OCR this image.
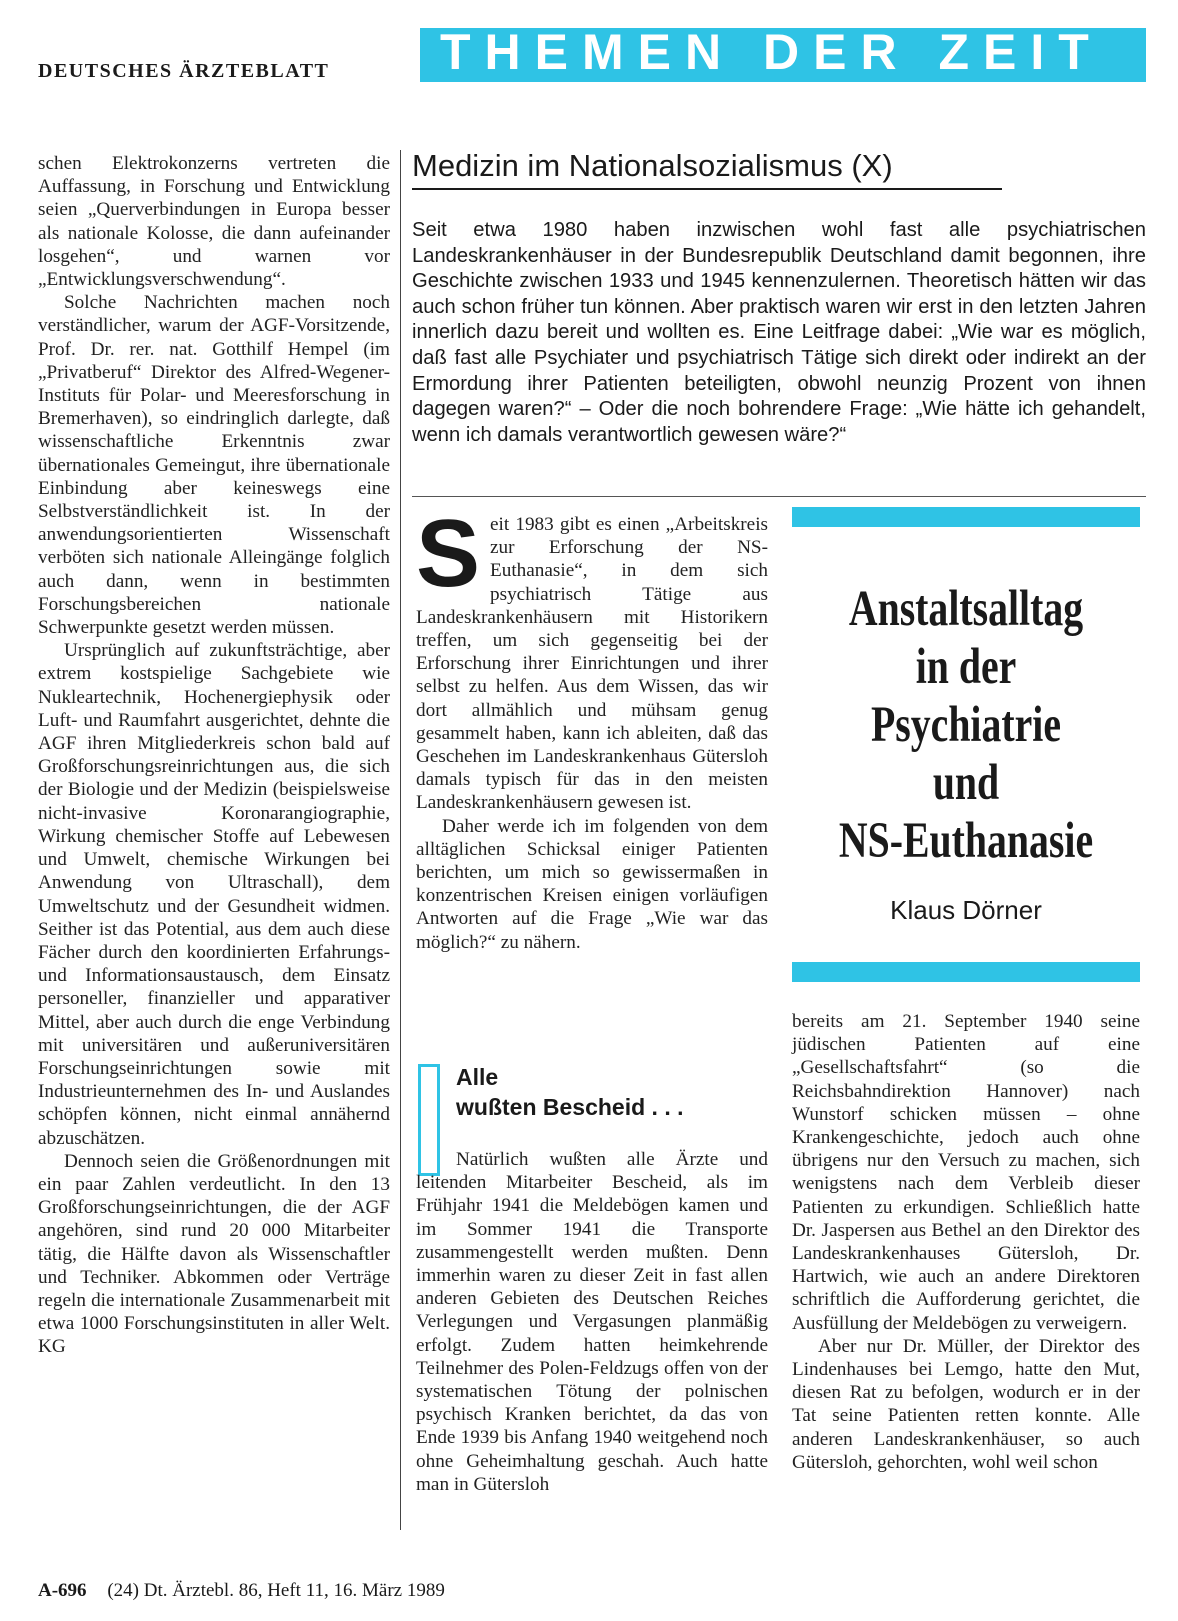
DEUTSCHES ÄRZTEBLATT THEMEN DER ZEIT

schen Elektrokonzerns vertreten die Auffassung, in Forschung und Entwicklung seien „Querverbindungen in Europa besser als nationale Kolosse, die dann aufeinander losgehen“, und warnen vor „Entwicklungsverschwendung“.

Solche Nachrichten machen noch verständlicher, warum der AGF-Vorsitzende, Prof. Dr. rer. nat. Gotthilf Hempel (im „Privatberuf“ Direktor des Alfred-Wegener-Instituts für Polar- und Meeresforschung in Bremerhaven), so eindringlich darlegte, daß wissenschaftliche Erkenntnis zwar übernationales Gemeingut, ihre übernationale Einbindung aber keineswegs eine Selbstverständlichkeit ist. In der anwendungsorientierten Wissenschaft verböten sich nationale Alleingänge folglich auch dann, wenn in bestimmten Forschungsbereichen nationale Schwerpunkte gesetzt werden müssen.

Ursprünglich auf zukunftsträchtige, aber extrem kostspielige Sachgebiete wie Nukleartechnik, Hochenergiephysik oder Luft- und Raumfahrt ausgerichtet, dehnte die AGF ihren Mitgliederkreis schon bald auf Großforschungsreinrichtungen aus, die sich der Biologie und der Medizin (beispielsweise nicht-invasive Koronarangiographie, Wirkung chemischer Stoffe auf Lebewesen und Umwelt, chemische Wirkungen bei Anwendung von Ultraschall), dem Umweltschutz und der Gesundheit widmen. Seither ist das Potential, aus dem auch diese Fächer durch den koordinierten Erfahrungs- und Informationsaustausch, dem Einsatz personeller, finanzieller und apparativer Mittel, aber auch durch die enge Verbindung mit universitären und außeruniversitären Forschungseinrichtungen sowie mit Industrieunternehmen des In- und Auslandes schöpfen können, nicht einmal annähernd abzuschätzen.

Dennoch seien die Größenordnungen mit ein paar Zahlen verdeutlicht. In den 13 Großforschungseinrichtungen, die der AGF angehören, sind rund 20 000 Mitarbeiter tätig, die Hälfte davon als Wissenschaftler und Techniker. Abkommen oder Verträge regeln die internationale Zusammenarbeit mit etwa 1000 Forschungsinstituten in aller Welt. KG

Medizin im Nationalsozialismus (X)
Seit etwa 1980 haben inzwischen wohl fast alle psychiatrischen Landeskrankenhäuser in der Bundesrepublik Deutschland damit begonnen, ihre Geschichte zwischen 1933 und 1945 kennenzulernen. Theoretisch hätten wir das auch schon früher tun können. Aber praktisch waren wir erst in den letzten Jahren innerlich dazu bereit und wollten es. Eine Leitfrage dabei: „Wie war es möglich, daß fast alle Psychiater und psychiatrisch Tätige sich direkt oder indirekt an der Ermordung ihrer Patienten beteiligten, obwohl neunzig Prozent von ihnen dagegen waren?“ – Oder die noch bohrendere Frage: „Wie hätte ich gehandelt, wenn ich damals verantwortlich gewesen wäre?“

Seit 1983 gibt es einen „Arbeitskreis zur Erforschung der NS-Euthanasie“, in dem sich psychiatrisch Tätige aus Landeskrankenhäusern mit Historikern treffen, um sich gegenseitig bei der Erforschung ihrer Einrichtungen und ihrer selbst zu helfen. Aus dem Wissen, das wir dort allmählich und mühsam genug gesammelt haben, kann ich ableiten, daß das Geschehen im Landeskrankenhaus Gütersloh damals typisch für das in den meisten Landeskrankenhäusern gewesen ist.

Daher werde ich im folgenden von dem alltäglichen Schicksal einiger Patienten berichten, um mich so gewissermaßen in konzentrischen Kreisen einigen vorläufigen Antworten auf die Frage „Wie war das möglich?“ zu nähern.

Alle
wußten Bescheid . . .

Natürlich wußten alle Ärzte und leitenden Mitarbeiter Bescheid, als im Frühjahr 1941 die Meldebögen kamen und im Sommer 1941 die Transporte zusammengestellt werden mußten. Denn immerhin waren zu dieser Zeit in fast allen anderen Gebieten des Deutschen Reiches Verlegungen und Vergasungen planmäßig erfolgt. Zudem hatten heimkehrende Teilnehmer des Polen-Feldzugs offen von der systematischen Tötung der polnischen psychisch Kranken berichtet, da das von Ende 1939 bis Anfang 1940 weitgehend noch ohne Geheimhaltung geschah. Auch hatte man in Gütersloh

Anstaltsalltag
in der
Psychiatrie
und
NS-Euthanasie
Klaus Dörner

bereits am 21. September 1940 seine jüdischen Patienten auf eine „Gesellschaftsfahrt“ (so die Reichsbahndirektion Hannover) nach Wunstorf schicken müssen – ohne Krankengeschichte, jedoch auch ohne übrigens nur den Versuch zu machen, sich wenigstens nach dem Verbleib dieser Patienten zu erkundigen. Schließlich hatte Dr. Jaspersen aus Bethel an den Direktor des Landeskrankenhauses Gütersloh, Dr. Hartwich, wie auch an andere Direktoren schriftlich die Aufforderung gerichtet, die Ausfüllung der Meldebögen zu verweigern.

Aber nur Dr. Müller, der Direktor des Lindenhauses bei Lemgo, hatte den Mut, diesen Rat zu befolgen, wodurch er in der Tat seine Patienten retten konnte. Alle anderen Landeskrankenhäuser, so auch Gütersloh, gehorchten, wohl weil schon

A-696 (24) Dt. Ärztebl. 86, Heft 11, 16. März 1989
